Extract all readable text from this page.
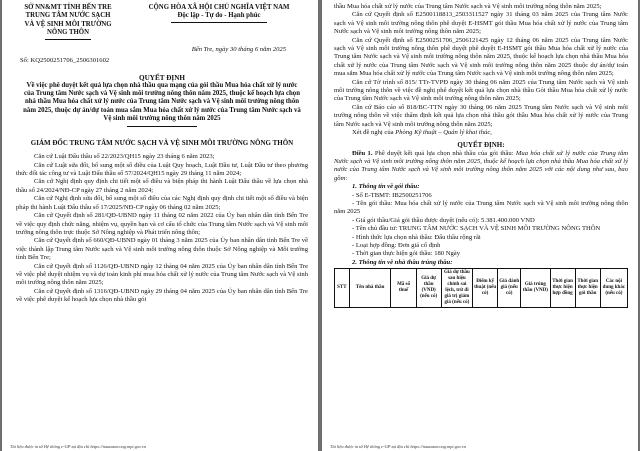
SỞ NN&MT TỈNH BẾN TRE
TRUNG TÂM NƯỚC SẠCH
VÀ VỆ SINH MÔI TRƯỜNG
NÔNG THÔN
CỘNG HÒA XÃ HỘI CHỦ NGHĨA VIỆT NAM
Độc lập - Tự do - Hạnh phúc
Bến Tre, ngày 30 tháng 6 năm 2025
Số: KQ2500251706_2506301602
QUYẾT ĐỊNH
Về việc phê duyệt kết quả lựa chọn nhà thầu qua mạng của gói thầu Mua hóa chất xử lý nước của Trung tâm Nước sạch và Vệ sinh môi trường nông thôn năm 2025, thuộc kế hoạch lựa chọn nhà thầu Mua hóa chất xử lý nước của Trung tâm Nước sạch và Vệ sinh môi trường nông thôn năm 2025, thuộc dự án/dự toán mua sắm Mua hóa chất xử lý nước của Trung tâm Nước sạch và Vệ sinh môi trường nông thôn năm 2025
GIÁM ĐỐC TRUNG TÂM NƯỚC SẠCH VÀ VỆ SINH MÔI TRƯỜNG NÔNG THÔN

Căn cứ Luật Đấu thầu số 22/2023/QH15 ngày 23 tháng 6 năm 2023;

Căn cứ Luật sửa đổi, bổ sung một số điều của Luật Quy hoạch, Luật Đầu tư, Luật Đầu tư theo phương thức đối tác công tư và Luật Đấu thầu số 57/2024/QH15 ngày 29 tháng 11 năm 2024;

Căn cứ Nghị định quy định chi tiết một số điều và biện pháp thi hành Luật Đấu thầu về lựa chọn nhà thầu số 24/2024/NĐ-CP ngày 27 tháng 2 năm 2024;

Căn cứ Nghị định sửa đổi, bổ sung một số điều của các Nghị định quy định chi tiết một số điều và biện pháp thi hành Luật Đấu thầu số 17/2025/NĐ-CP ngày 06 tháng 02 năm 2025;

Căn cứ Quyết định số 281/QĐ-UBND ngày 11 tháng 02 năm 2022 của Ủy ban nhân dân tỉnh Bến Tre về việc quy định chức năng, nhiệm vụ, quyền hạn và cơ cấu tổ chức của Trung tâm Nước sạch và Vệ sinh môi trường nông thôn trực thuộc Sở Nông nghiệp và Phát triển nông thôn;

Căn cứ Quyết định số 660/QĐ-UBND ngày 01 tháng 3 năm 2025 của Ủy ban nhân dân tỉnh Bến Tre về việc thành lập Trung tâm Nước sạch và Vệ sinh môi trường nông thôn thuộc Sở Nông nghiệp và Môi trường tỉnh Bến Tre;

Căn cứ Quyết định số 1126/QĐ-UBND ngày 12 tháng 04 năm 2025 của Ủy ban nhân dân tỉnh Bến Tre về việc phê duyệt nhiệm vụ và dự toán kinh phí mua hóa chất xử lý nước của Trung tâm Nước sạch và Vệ sinh môi trường nông thôn năm 2025;

Căn cứ Quyết định số 1316/QĐ-UBND ngày 29 tháng 04 năm 2025 của Ủy ban nhân dân tỉnh Bến Tre về việc phê duyệt kế hoạch lựa chọn nhà thầu gói

Tài liệu được in từ Hệ thống e-GP tại địa chỉ https://muasamcong.mpi.gov.vn

thầu Mua hóa chất xử lý nước của Trung tâm Nước sạch và Vệ sinh môi trường nông thôn năm 2025;

Căn cứ Quyết định số E2500118813_2503311527 ngày 31 tháng 03 năm 2025 của Trung tâm Nước sạch và Vệ sinh môi trường nông thôn phê duyệt E-HSMT gói thầu Mua hóa chất xử lý nước của Trung tâm Nước sạch và Vệ sinh môi trường nông thôn năm 2025;

Căn cứ Quyết định số E2500251706_2506121425 ngày 12 tháng 06 năm 2025 của Trung tâm Nước sạch và Vệ sinh môi trường nông thôn phê duyệt phê duyệt E-HSMT gói thầu Mua hóa chất xử lý nước của Trung tâm Nước sạch và Vệ sinh môi trường nông thôn năm 2025, thuộc kế hoạch lựa chọn nhà thầu Mua hóa chất xử lý nước của Trung tâm Nước sạch và Vệ sinh môi trường nông thôn năm 2025 thuộc dự án/dự toán mua sắm Mua hóa chất xử lý nước của Trung tâm Nước sạch và Vệ sinh môi trường nông thôn năm 2025;

Căn cứ Tờ trình số 815/ TTr-TVPĐ ngày 30 tháng 06 năm 2025 của Trung tâm Nước sạch và Vệ sinh môi trường nông thôn về việc đề nghị phê duyệt kết quả lựa chọn nhà thầu Gói thầu Mua hóa chất xử lý nước của Trung tâm Nước sạch và Vệ sinh môi trường nông thôn năm 2025;

Căn cứ Báo cáo số 818/BC-TTN ngày 30 tháng 06 năm 2025 Trung tâm Nước sạch và Vệ sinh môi trường nông thôn về việc thẩm định kết quả lựa chọn nhà thầu gói thầu Mua hóa chất xử lý nước của Trung tâm Nước sạch và Vệ sinh môi trường nông thôn năm 2025;

Xét đề nghị của Phòng Kỹ thuật – Quản lý khai thác,

QUYẾT ĐỊNH:

Điều 1. Phê duyệt kết quả lựa chọn nhà thầu của gói thầu: Mua hóa chất xử lý nước của Trung tâm Nước sạch và Vệ sinh môi trường nông thôn năm 2025, thuộc kế hoạch lựa chọn nhà thầu Mua hóa chất xử lý nước của Trung tâm Nước sạch và Vệ sinh môi trường nông thôn năm 2025 với các nội dung như sau, bao gồm:

1. Thông tin về gói thầu:

- Số E-TBMT: IB2500251706

- Tên gói thầu: Mua hóa chất xử lý nước của Trung tâm Nước sạch và Vệ sinh môi trường nông thôn năm 2025

- Giá gói thầu/Giá gói thầu được duyệt (nếu có): 5.381.400.000 VND

- Tên chủ đầu tư: TRUNG TÂM NƯỚC SẠCH VÀ VỆ SINH MÔI TRƯỜNG NÔNG THÔN

- Hình thức lựa chọn nhà thầu: Đấu thầu rộng rãi

- Loại hợp đồng: Đơn giá cố định

- Thời gian thực hiện gói thầu: 180 Ngày

2. Thông tin về nhà thầu trúng thầu:

STT	Tên nhà thầu	Mã số thuế	Giá dự thầu (VND) (nếu có)	Giá dự thầu sau hiệu chỉnh sai lệch, trừ đi giá trị giảm giá (nếu có)	Điểm kỹ thuật (nếu có)	Giá đánh giá (nếu có)	Giá trúng thầu (VND)	Thời gian thực hiện hợp đồng	Thời gian thực hiện gói thầu	Các nội dung khác (nếu có)
Tài liệu được in từ Hệ thống e-GP tại địa chỉ https://muasamcong.mpi.gov.vn
